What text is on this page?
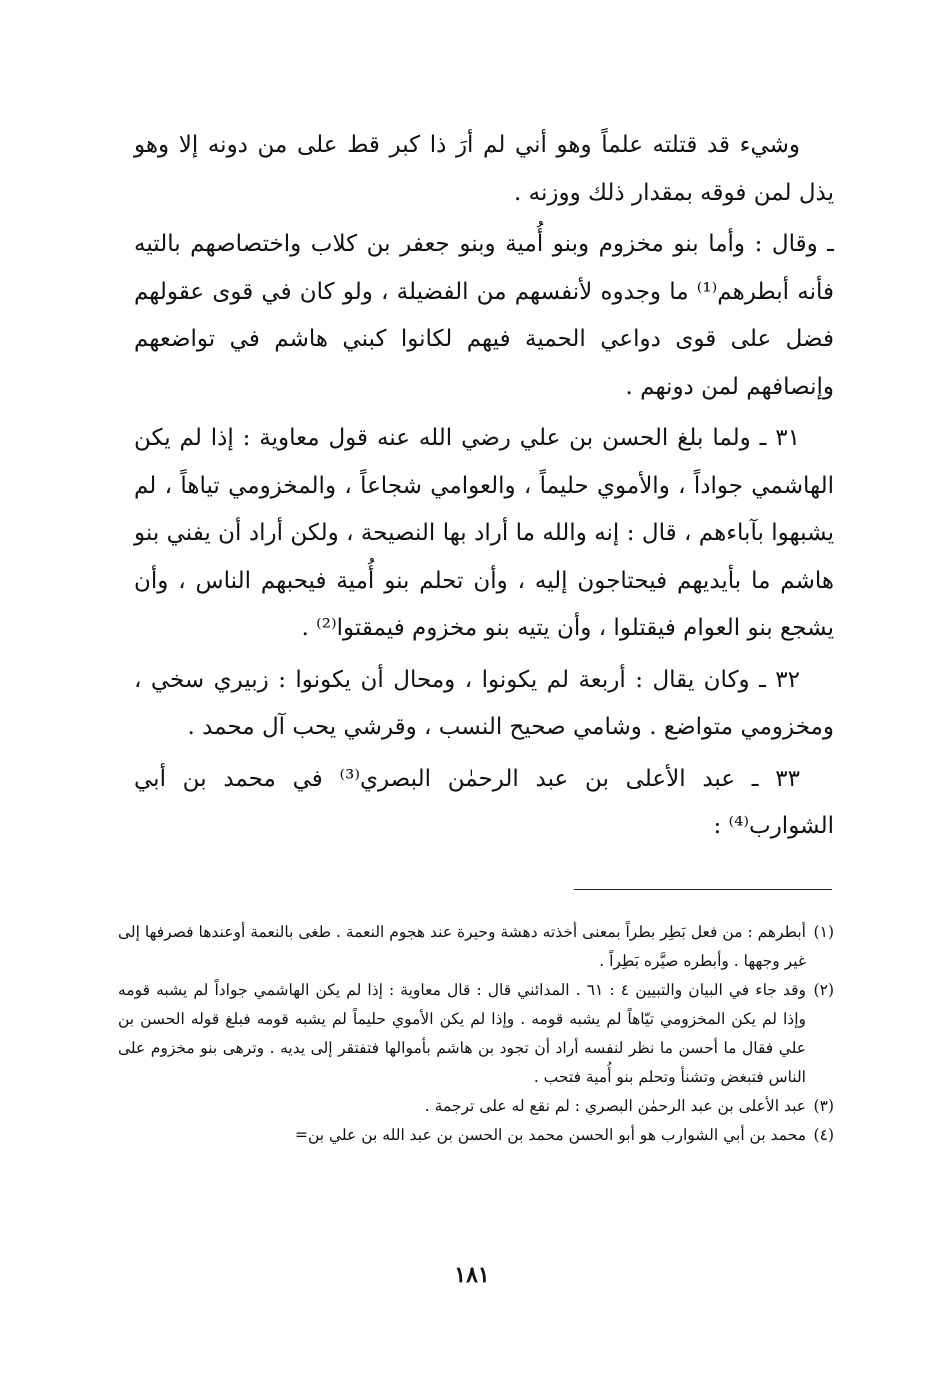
وشيء قد قتلته علماً وهو أني لم أرَ ذا كبر قط على من دونه إلا وهو يذل لمن فوقه بمقدار ذلك ووزنه .

ـ وقال : وأما بنو مخزوم وبنو أُمية وبنو جعفر بن كلاب واختصاصهم بالتيه فأنه أبطرهم⁽¹⁾ ما وجدوه لأنفسهم من الفضيلة ، ولو كان في قوى عقولهم فضل على قوى دواعي الحمية فيهم لكانوا كبني هاشم في تواضعهم وإنصافهم لمن دونهم .

٣١ ـ ولما بلغ الحسن بن علي رضي الله عنه قول معاوية : إذا لم يكن الهاشمي جواداً ، والأموي حليماً ، والعوامي شجاعاً ، والمخزومي تياهاً ، لم يشبهوا بآباءهم ، قال : إنه والله ما أراد بها النصيحة ، ولكن أراد أن يفني بنو هاشم ما بأيديهم فيحتاجون إليه ، وأن تحلم بنو أُمية فيحبهم الناس ، وأن يشجع بنو العوام فيقتلوا ، وأن يتيه بنو مخزوم فيمقتوا⁽²⁾ .

٣٢ ـ وكان يقال : أربعة لم يكونوا ، ومحال أن يكونوا : زبيري سخي ، ومخزومي متواضع . وشامي صحيح النسب ، وقرشي يحب آل محمد .

٣٣ ـ عبد الأعلى بن عبد الرحمٰن البصري⁽³⁾ في محمد بن أبي الشوارب⁽⁴⁾ :

(١)
أبطرهم : من فعل بَطِر بطراً بمعنى أخذته دهشة وحيرة عند هجوم النعمة . طغى بالنعمة أوعندها فصرفها إلى غير وجهها . وأبطره صيَّره بَطِراً .
(٢)
وقد جاء في البيان والتبيين ٤ : ٦١ . المدائني قال : قال معاوية : إذا لم يكن الهاشمي جواداً لم يشبه قومه وإذا لم يكن المخزومي تيّاهاً لم يشبه قومه . وإذا لم يكن الأموي حليماً لم يشبه قومه فبلغ قوله الحسن بن علي فقال ما أحسن ما نظر لنفسه أراد أن تجود بن هاشم بأموالها فتفتقر إلى يديه . وترهى بنو مخزوم على الناس فتبغض وتشنأ وتحلم بنو أُمية فتحب .
(٣)
عبد الأعلى بن عبد الرحمٰن البصري : لم نقع له على ترجمة .
(٤)
محمد بن أبي الشوارب هو أبو الحسن محمد بن الحسن بن عبد الله بن علي بن=
١٨١
